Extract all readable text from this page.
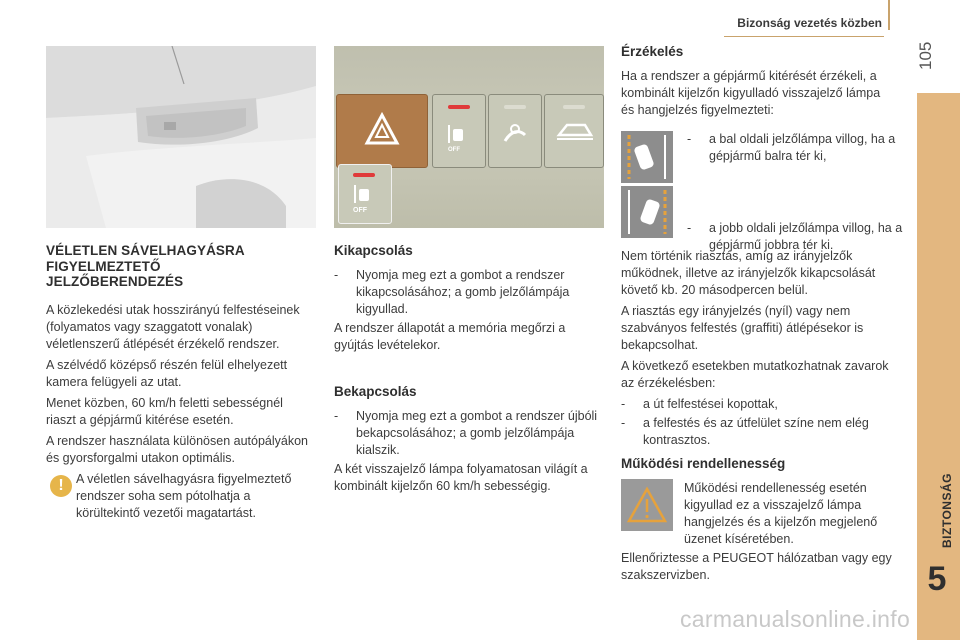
Bizonság vezetés közben
105
BIZTONSÁG
5
OFF
OFF
VÉLETLEN SÁVELHAGYÁSRA
FIGYELMEZTETŐ
JELZŐBERENDEZÉS

A közlekedési utak hosszirányú felfestéseinek (folyamatos vagy szaggatott vonalak) véletlenszerű átlépését érzékelő rendszer.

A szélvédő középső részén felül elhelyezett kamera felügyeli az utat.

Menet közben, 60 km/h feletti sebességnél riaszt a gépjármű kitérése esetén.

A rendszer használata különösen autópályákon és gyorsforgalmi utakon optimális.

! A véletlen sávelhagyásra figyelmeztető rendszer soha sem pótolhatja a körültekintő vezetői magatartást.

Kikapcsolás
- Nyomja meg ezt a gombot a rendszer kikapcsolásához; a gomb jelzőlámpája kigyullad.

A rendszer állapotát a memória megőrzi a gyújtás levételekor.

Bekapcsolás
- Nyomja meg ezt a gombot a rendszer újbóli bekapcsolásához; a gomb jelzőlámpája kialszik.

A két visszajelző lámpa folyamatosan világít a kombinált kijelzőn 60 km/h sebességig.

Érzékelés

Ha a rendszer a gépjármű kitérését érzékeli, a kombinált kijelzőn kigyulladó visszajelző lámpa és hangjelzés figyelmezteti:

- a bal oldali jelzőlámpa villog, ha a gépjármű balra tér ki,
- a jobb oldali jelzőlámpa villog, ha a gépjármű jobbra tér ki.

Nem történik riasztás, amíg az irányjelzők működnek, illetve az irányjelzők kikapcsolását követő kb. 20 másodpercen belül.

A riasztás egy irányjelzés (nyíl) vagy nem szabványos felfestés (graffiti) átlépésekor is bekapcsolhat.

A következő esetekben mutatkozhatnak zavarok az érzékelésben:

- a út felfestései kopottak,
- a felfestés és az útfelület színe nem elég kontrasztos.
Működési rendellenesség

Működési rendellenesség esetén kigyullad ez a visszajelző lámpa hangjelzés és a kijelzőn megjelenő üzenet kíséretében.

Ellenőriztesse a PEUGEOT hálózatban vagy egy szakszervizben.

carmanualsonline.info
